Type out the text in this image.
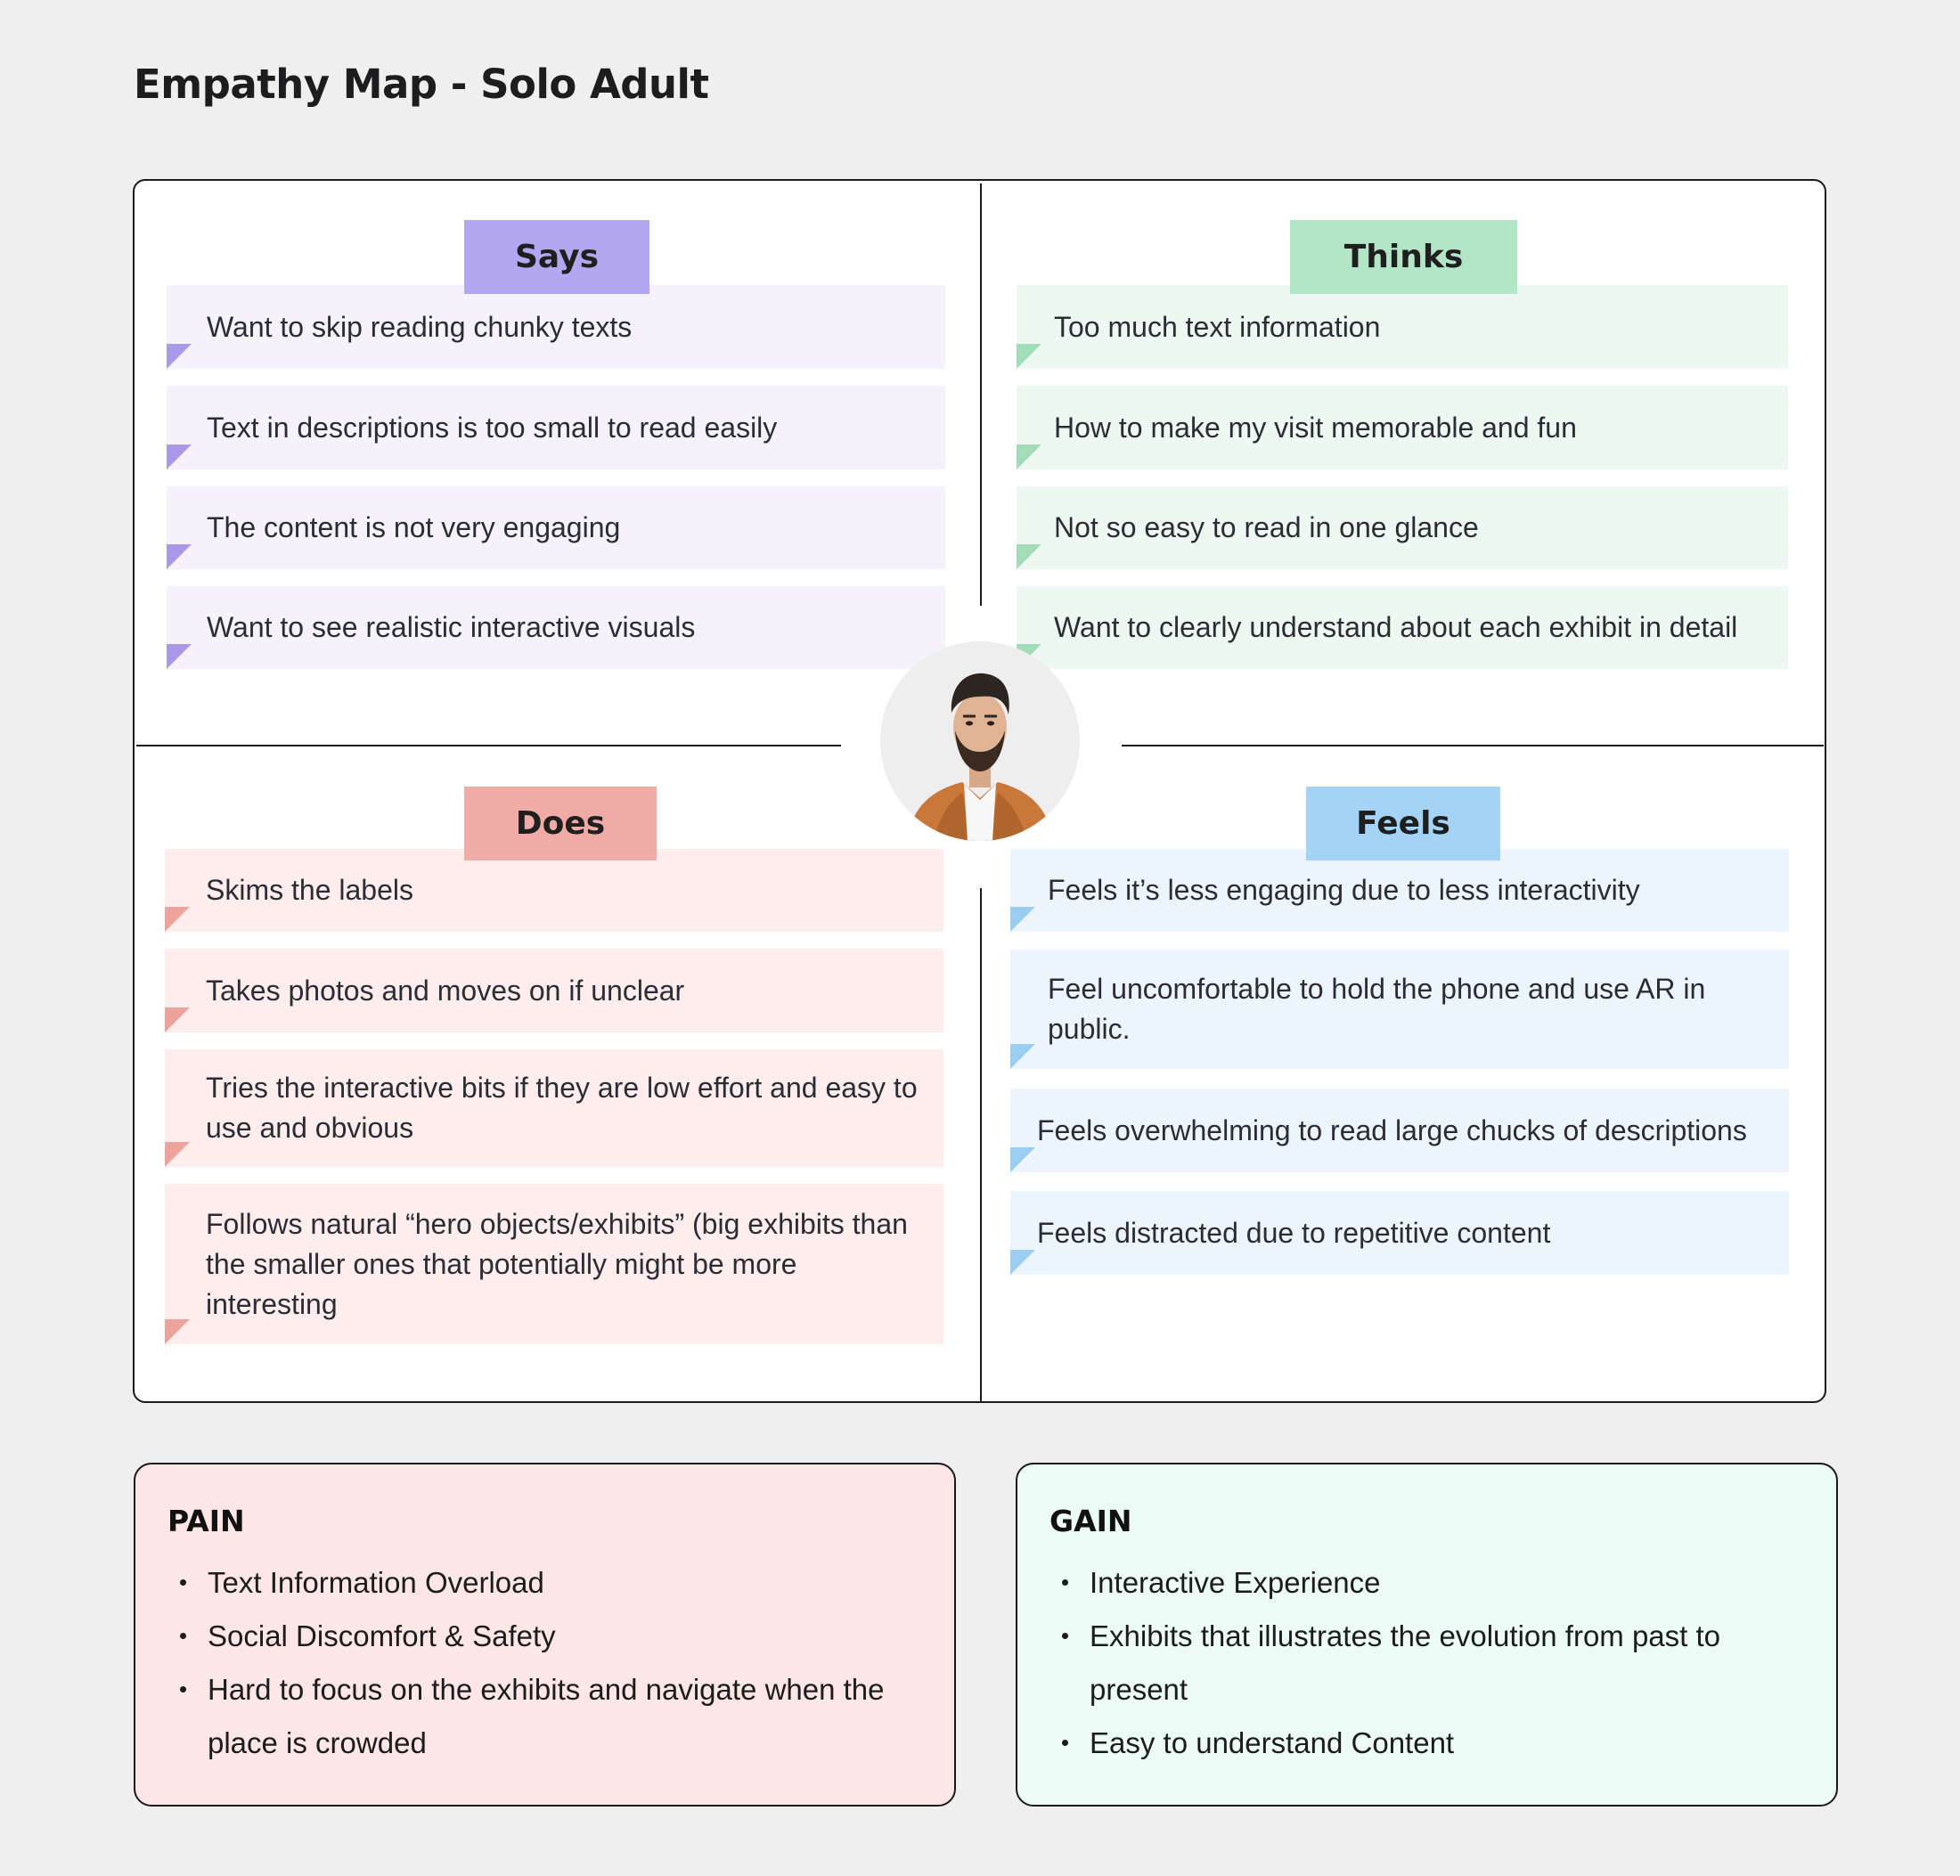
Empathy Map - Solo Adult
Says
Want to skip reading chunky texts
Text in descriptions is too small to read easily
The content is not very engaging
Want to see realistic interactive visuals
Thinks
Too much text information
How to make my visit memorable and fun
Not so easy to read in one glance
Want to clearly understand about each exhibit in detail
Does
Skims the labels
Takes photos and moves on if unclear
Tries the interactive bits if they are low effort and easy to use and obvious
Follows natural “hero objects/exhibits” (big exhibits than the smaller ones that potentially might be more interesting
Feels
Feels it’s less engaging due to less interactivity
Feel uncomfortable to hold the phone and use AR in public.
Feels overwhelming to read large chucks of descriptions
Feels distracted due to repetitive content
PAIN
Text Information Overload
Social Discomfort & Safety
Hard to focus on the exhibits and navigate when the place is crowded
GAIN
Interactive Experience
Exhibits that illustrates the evolution from past to present
Easy to understand Content
